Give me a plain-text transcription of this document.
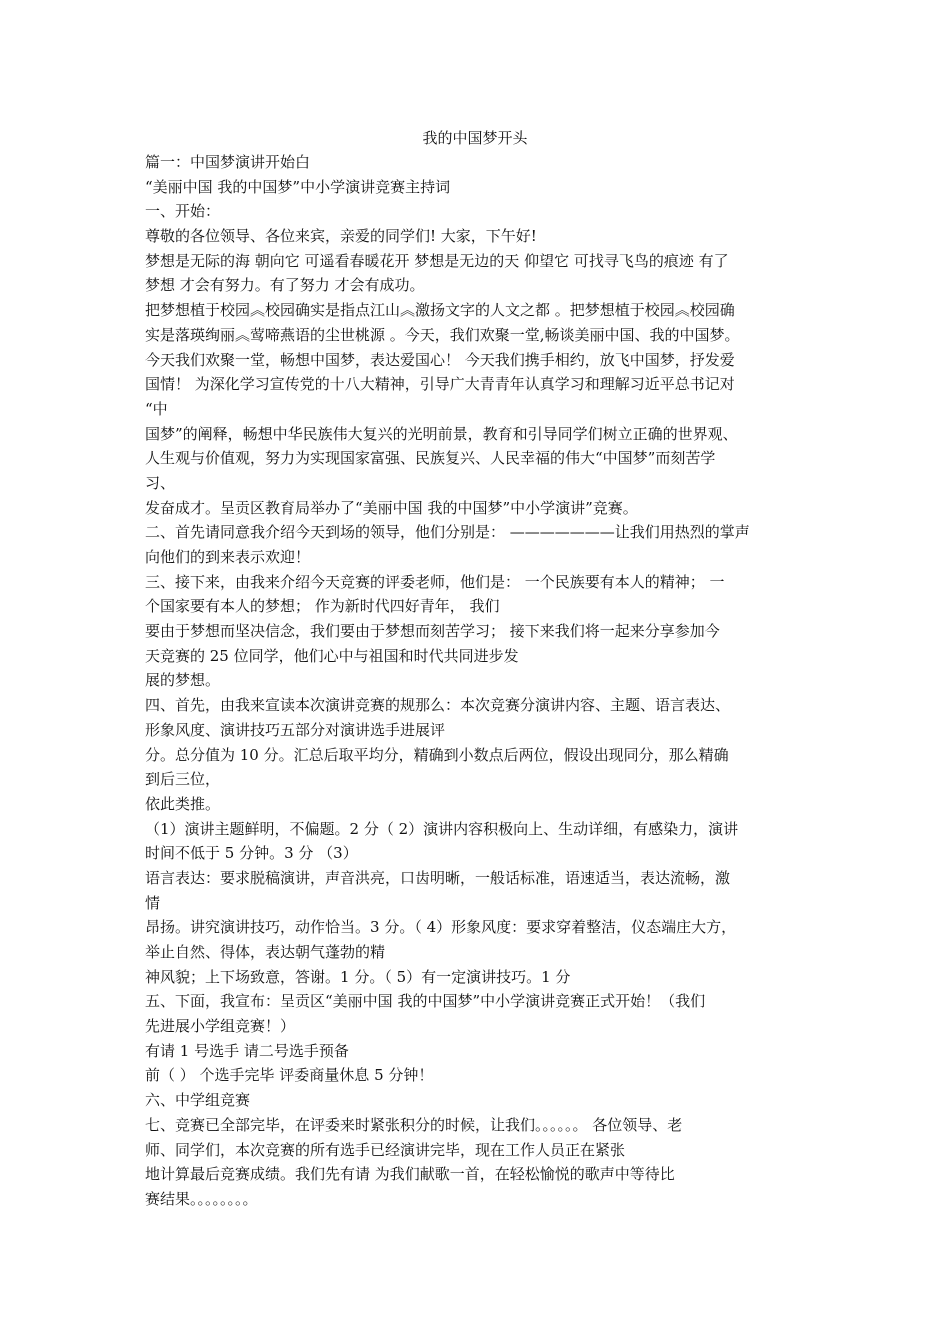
我的中国梦开头
篇一：中国梦演讲开始白
“美丽中国 我的中国梦”中小学演讲竞赛主持词
一、开始：
尊敬的各位领导、各位来宾，亲爱的同学们! 大家，下午好!
梦想是无际的海 朝向它 可遥看春暖花开 梦想是无边的天 仰望它 可找寻飞鸟的痕迹 有了
梦想 才会有努力。有了努力 才会有成功。
把梦想植于校园︽校园确实是指点江山︽激扬文字的人文之都 。把梦想植于校园︽校园确
实是落瑛绚丽︽莺啼燕语的尘世桃源 。今天，我们欢聚一堂,畅谈美丽中国、我的中国梦。
今天我们欢聚一堂，畅想中国梦，表达爱国心！ 今天我们携手相约，放飞中国梦，抒发爱
国情！ 为深化学习宣传党的十八大精神，引导广大青青年认真学习和理解习近平总书记对
“中
国梦”的阐释，畅想中华民族伟大复兴的光明前景，教育和引导同学们树立正确的世界观、
人生观与价值观，努力为实现国家富强、民族复兴、人民幸福的伟大“中国梦”而刻苦学
习、
发奋成才。呈贡区教育局举办了“美丽中国 我的中国梦”中小学演讲”竞赛。
二、首先请同意我介绍今天到场的领导，他们分别是： ———————让我们用热烈的掌声
向他们的到来表示欢迎！
三、接下来，由我来介绍今天竞赛的评委老师，他们是： 一个民族要有本人的精神； 一
个国家要有本人的梦想； 作为新时代四好青年， 我们
要由于梦想而坚决信念，我们要由于梦想而刻苦学习； 接下来我们将一起来分享参加今
天竞赛的 25 位同学，他们心中与祖国和时代共同进步发
展的梦想。
四、首先，由我来宣读本次演讲竞赛的规那么：本次竞赛分演讲内容、主题、语言表达、
形象风度、演讲技巧五部分对演讲选手进展评
分。总分值为 10 分。汇总后取平均分，精确到小数点后两位，假设出现同分，那么精确
到后三位，
依此类推。
（1）演讲主题鲜明，不偏题。2 分（ 2）演讲内容积极向上、生动详细，有感染力，演讲
时间不低于 5 分钟。3 分 （3）
语言表达：要求脱稿演讲，声音洪亮，口齿明晰，一般话标准，语速适当，表达流畅，激
情
昂扬。讲究演讲技巧，动作恰当。3 分。（ 4）形象风度：要求穿着整洁，仪态端庄大方，
举止自然、得体，表达朝气蓬勃的精
神风貌；上下场致意，答谢。1 分。（ 5）有一定演讲技巧。1 分
五、下面，我宣布：呈贡区“美丽中国 我的中国梦”中小学演讲竞赛正式开始！（我们
先进展小学组竞赛！）
有请 1 号选手 请二号选手预备
前（ ） 个选手完毕 评委商量休息 5 分钟！
六、中学组竞赛
七、竞赛已全部完毕，在评委来时紧张积分的时候，让我们。。。。。。 各位领导、老
师、同学们，本次竞赛的所有选手已经演讲完毕，现在工作人员正在紧张
地计算最后竞赛成绩。我们先有请 为我们献歌一首，在轻松愉悦的歌声中等待比
赛结果。。。。。。。。
